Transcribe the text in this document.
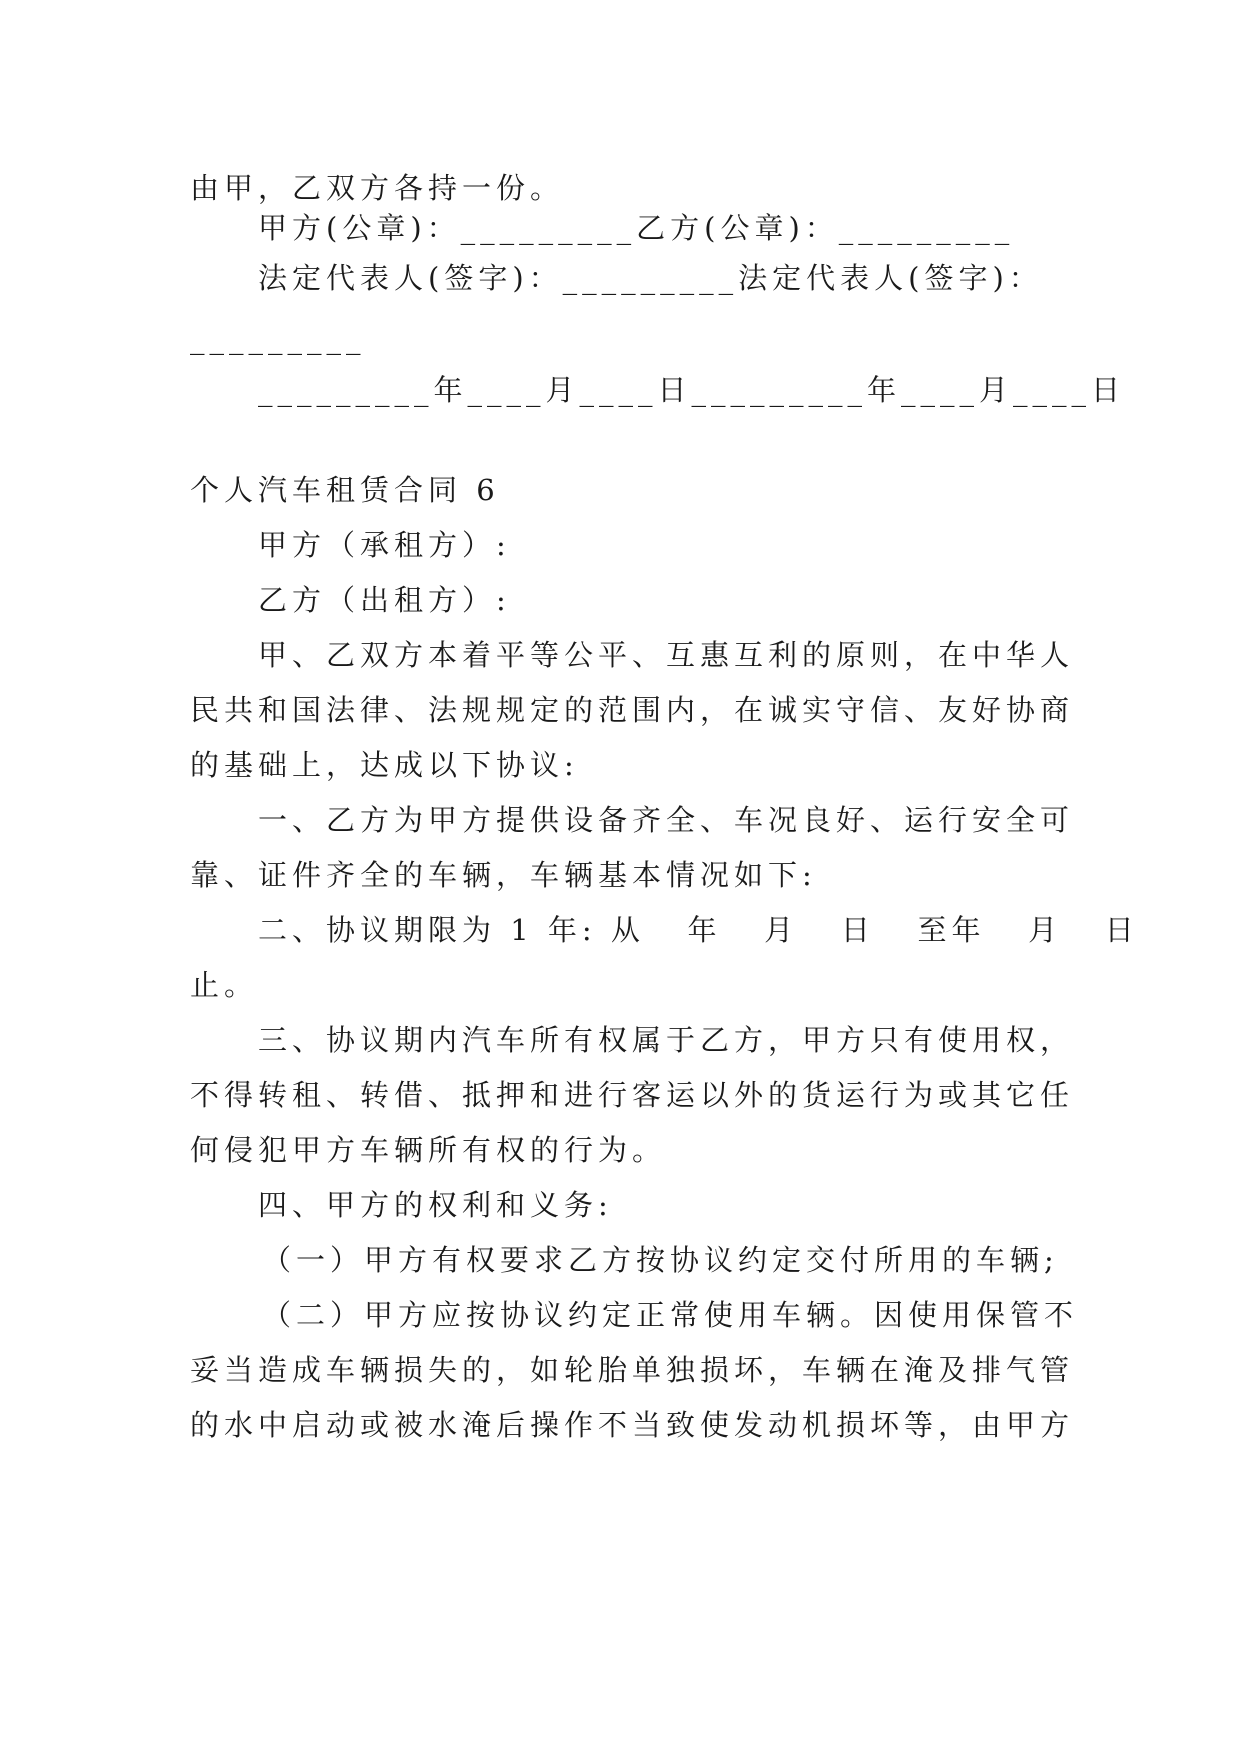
由甲，乙双方各持一份。
甲方(公章)：_________乙方(公章)：_________
法定代表人(签字)：_________法定代表人(签字)：
_________
_________年____月____日_________年____月____日
个人汽车租赁合同 6
甲方（承租方）:
乙方（出租方）:
甲、乙双方本着平等公平、互惠互利的原则，在中华人
民共和国法律、法规规定的范围内，在诚实守信、友好协商
的基础上，达成以下协议:
一、乙方为甲方提供设备齐全、车况良好、运行安全可
靠、证件齐全的车辆，车辆基本情况如下:
二、协议期限为 1 年: 从   年   月   日   至年   月   日
止。
三、协议期内汽车所有权属于乙方，甲方只有使用权，
不得转租、转借、抵押和进行客运以外的货运行为或其它任
何侵犯甲方车辆所有权的行为。
四、甲方的权利和义务:
（一）甲方有权要求乙方按协议约定交付所用的车辆;
（二）甲方应按协议约定正常使用车辆。因使用保管不
妥当造成车辆损失的，如轮胎单独损坏，车辆在淹及排气管
的水中启动或被水淹后操作不当致使发动机损坏等，由甲方
